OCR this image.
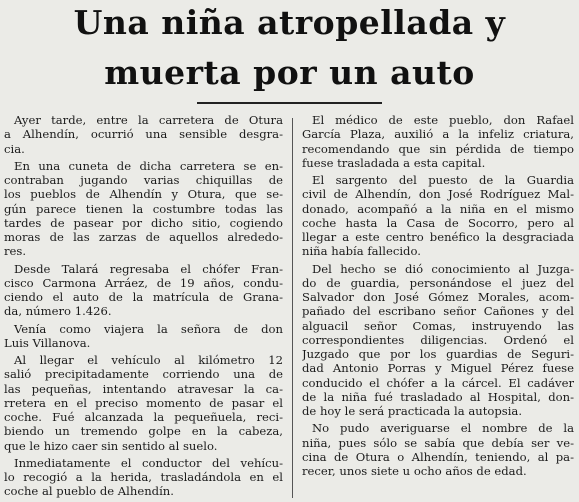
Una niña atropellada y
muerta por un auto

Ayer tarde, entre la carretera de Otura
a Alhendín, ocurrió una sensible desgra-
cia.

En una cuneta de dicha carretera se en-
contraban jugando varias chiquillas de
los pueblos de Alhendín y Otura, que se-
gún parece tienen la costumbre todas las
tardes de pasear por dicho sitio, cogiendo
moras de las zarzas de aquellos alrededo-
res.

Desde Talará regresaba el chófer Fran-
cisco Carmona Arráez, de 19 años, condu-
ciendo el auto de la matrícula de Grana-
da, número 1.426.

Venía como viajera la señora de don
Luis Villanova.

Al llegar el vehículo al kilómetro 12
salió precipitadamente corriendo una de
las pequeñas, intentando atravesar la ca-
rretera en el preciso momento de pasar el
coche. Fué alcanzada la pequeñuela, reci-
biendo un tremendo golpe en la cabeza,
que le hizo caer sin sentido al suelo.

Inmediatamente el conductor del vehícu-
lo recogió a la herida, trasladándola en el
coche al pueblo de Alhendín.

El médico de este pueblo, don Rafael
García Plaza, auxilió a la infeliz criatura,
recomendando que sin pérdida de tiempo
fuese trasladada a esta capital.

El sargento del puesto de la Guardia
civil de Alhendín, don José Rodríguez Mal-
donado, acompañó a la niña en el mismo
coche hasta la Casa de Socorro, pero al
llegar a este centro benéfico la desgraciada
niña había fallecido.

Del hecho se dió conocimiento al Juzga-
do de guardia, personándose el juez del
Salvador don José Gómez Morales, acom-
pañado del escribano señor Cañones y del
alguacil señor Comas, instruyendo las
correspondientes diligencias. Ordenó el
Juzgado que por los guardias de Seguri-
dad Antonio Porras y Miguel Pérez fuese
conducido el chófer a la cárcel. El cadáver
de la niña fué trasladado al Hospital, don-
de hoy le será practicada la autopsia.

No pudo averiguarse el nombre de la
niña, pues sólo se sabía que debía ser ve-
cina de Otura o Alhendín, teniendo, al pa-
recer, unos siete u ocho años de edad.
